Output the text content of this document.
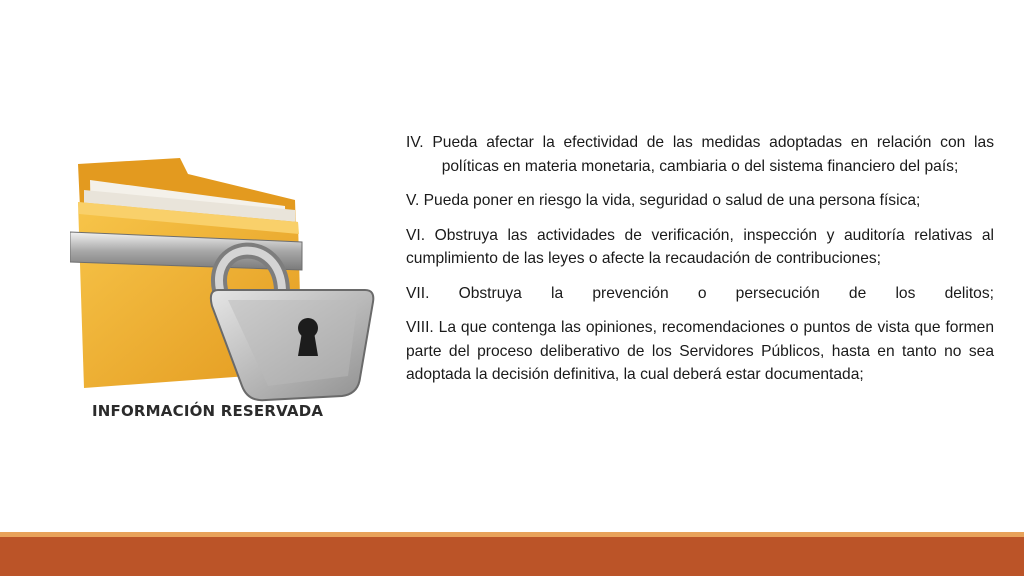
INFORMACIÓN RESERVADA

IV. Pueda afectar la efectividad de las medidas adoptadas en relación con las políticas en materia monetaria, cambiaria o del sistema financiero del país;

V. Pueda poner en riesgo la vida, seguridad o salud de una persona física;

VI. Obstruya las actividades de verificación, inspección y auditoría relativas al cumplimiento de las leyes o afecte la recaudación de contribuciones;

VII. Obstruya la prevención o persecución de los delitos;

VIII. La que contenga las opiniones, recomendaciones o puntos de vista que formen parte del proceso deliberativo de los Servidores Públicos, hasta en tanto no sea adoptada la decisión definitiva, la cual deberá estar documentada;
